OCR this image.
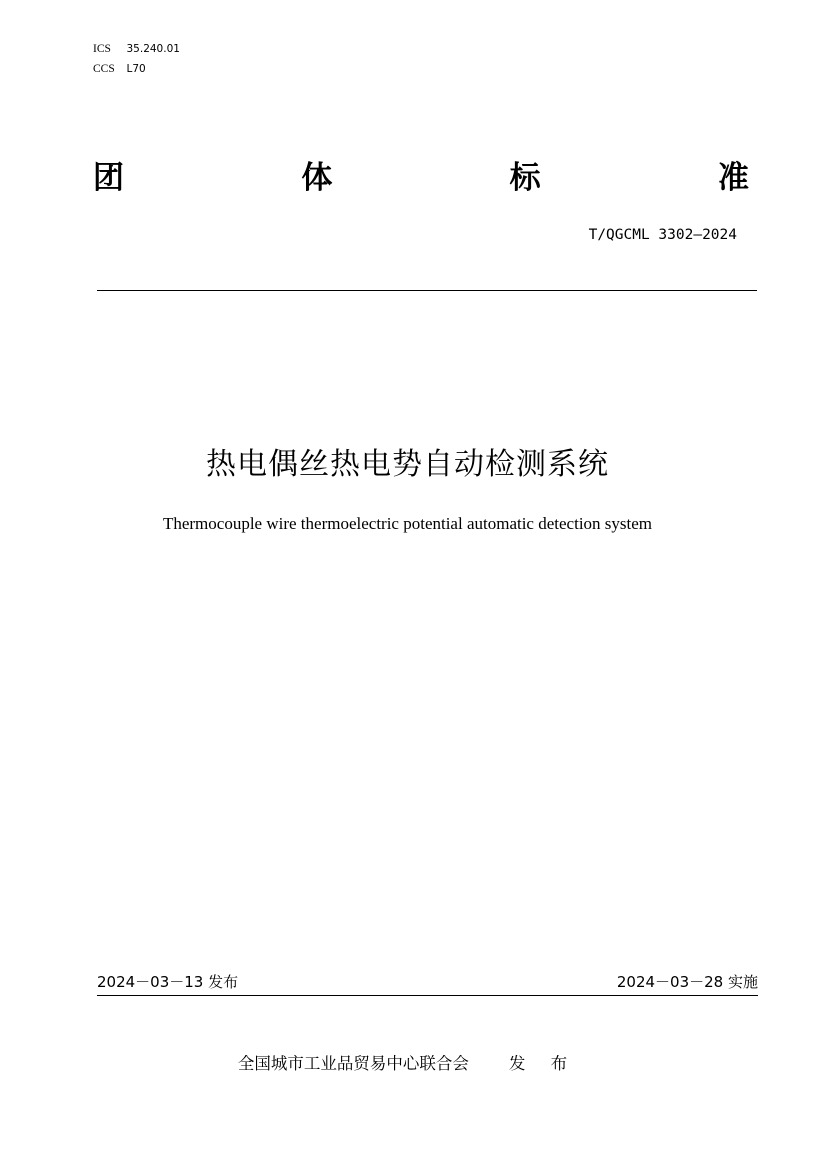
ICS 35.240.01
CCS L70
团	体	标	准
T/QGCML 3302—2024
热电偶丝热电势自动检测系统
Thermocouple wire thermoelectric potential automatic detection system
2024－03－13 发布	2024－03－28 实施
全国城市工业品贸易中心联合会 发 布
